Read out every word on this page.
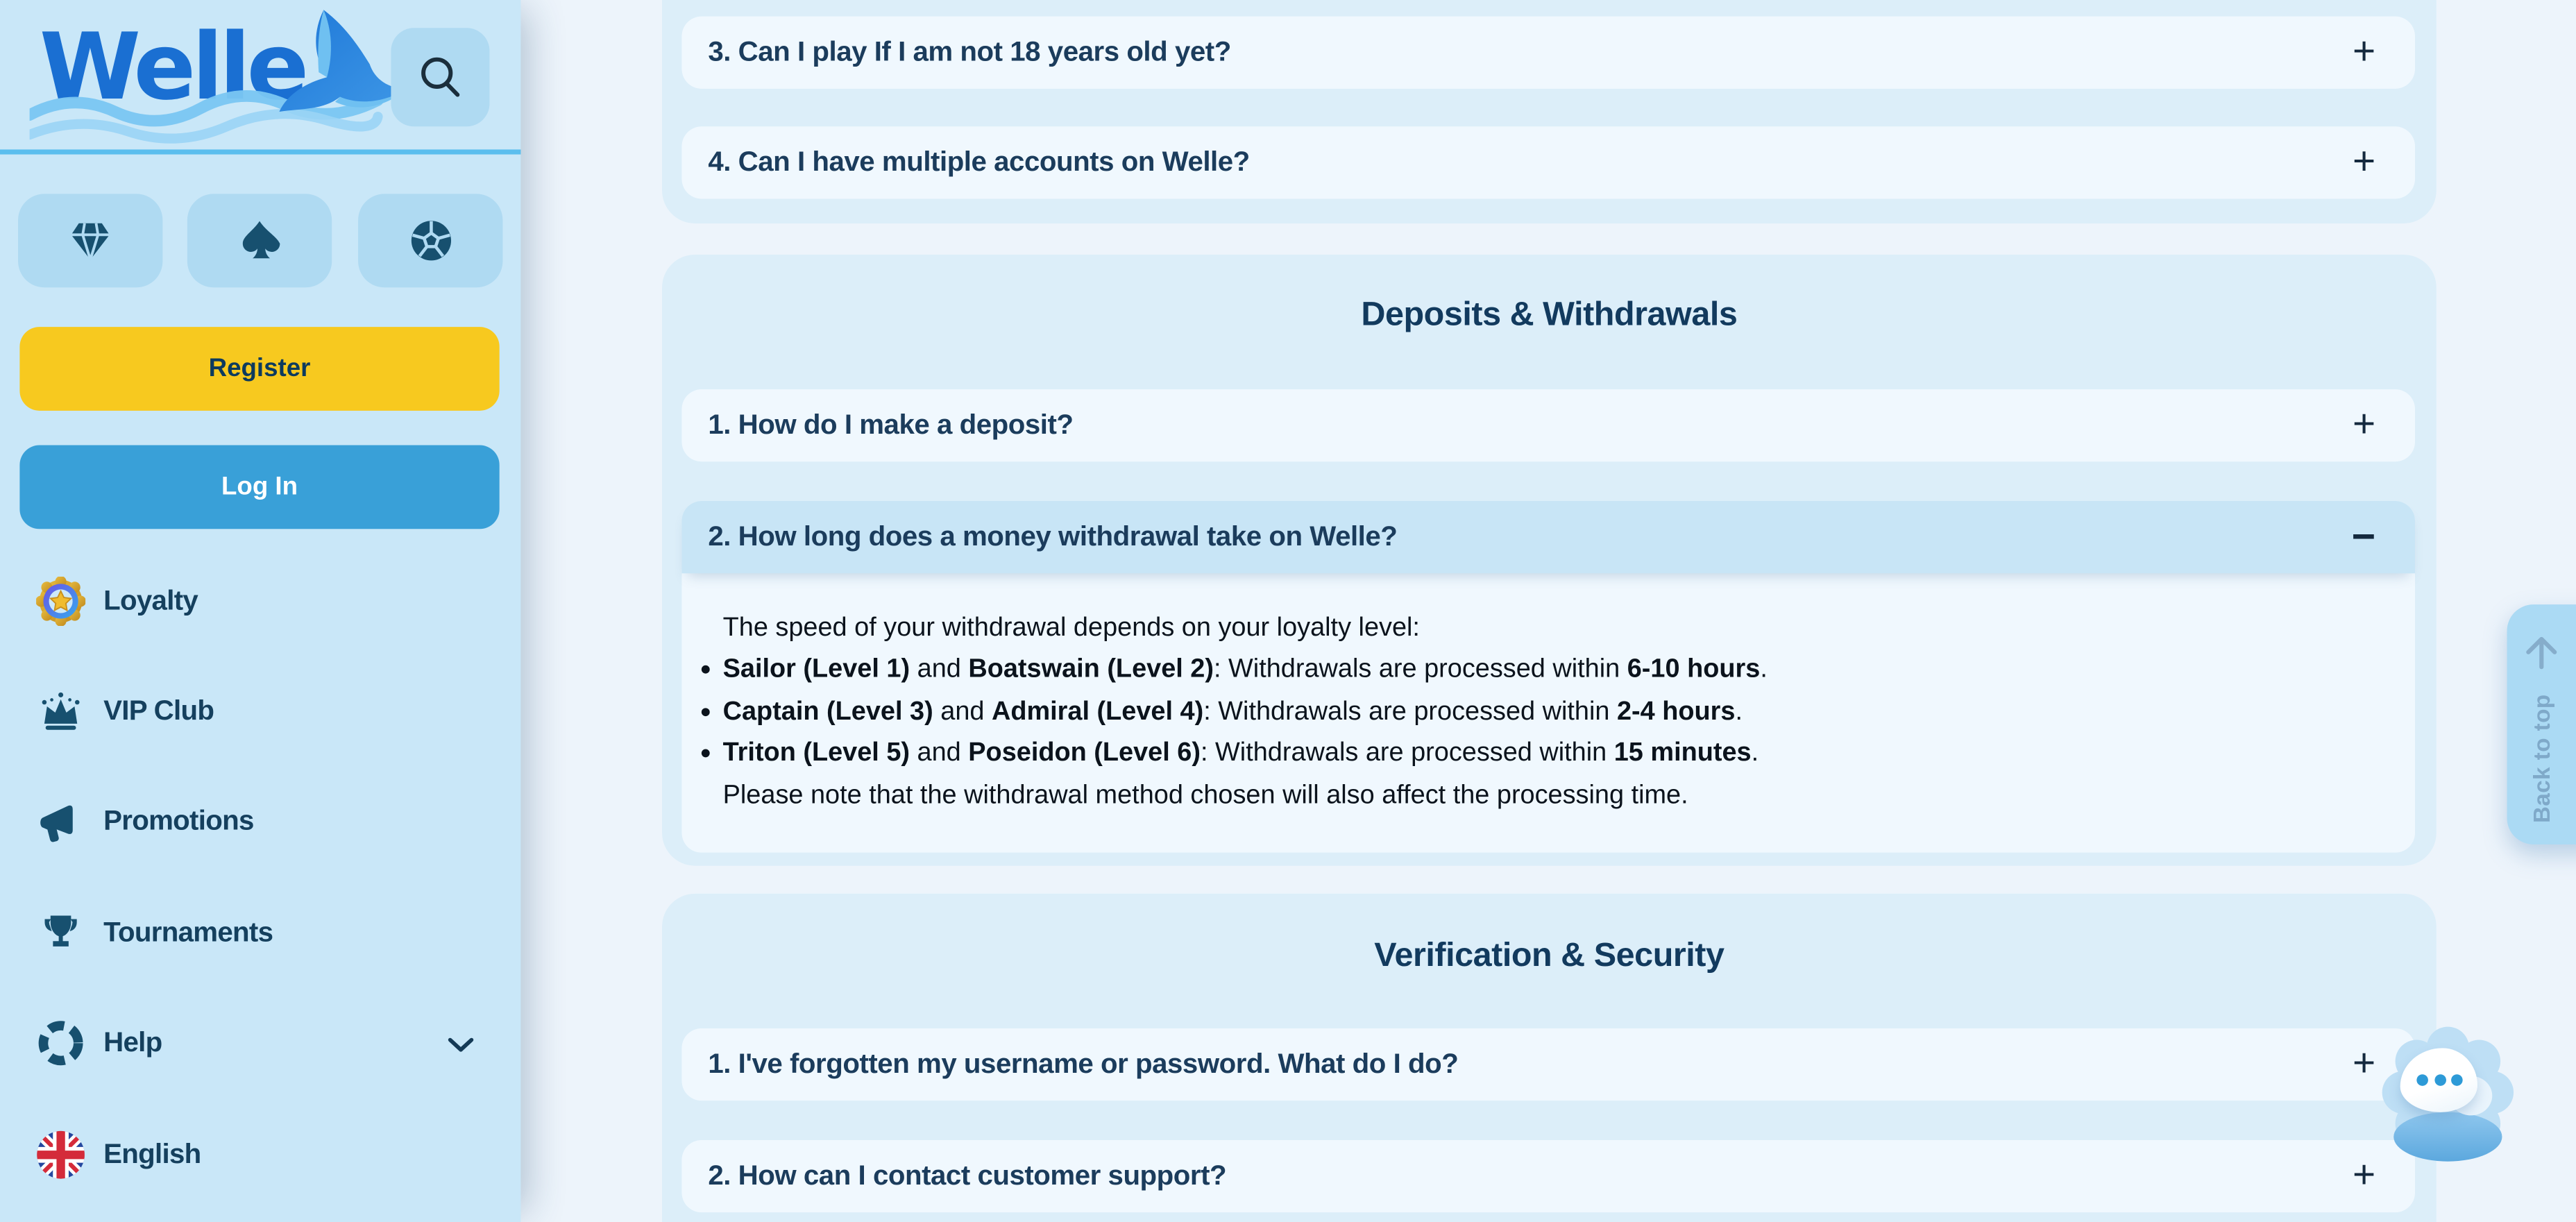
3. Can I play If I am not 18 years old yet?	+
4. Can I have multiple accounts on Welle?	+
Deposits & Withdrawals
1. How do I make a deposit?	+
2. How long does a money withdrawal take on Welle?	−

The speed of your withdrawal depends on your loyalty level:

Sailor (Level 1) and Boatswain (Level 2): Withdrawals are processed within 6-10 hours.
Captain (Level 3) and Admiral (Level 4): Withdrawals are processed within 2-4 hours.
Triton (Level 5) and Poseidon (Level 6): Withdrawals are processed within 15 minutes.

Please note that the withdrawal method chosen will also affect the processing time.

Verification & Security
1. I've forgotten my username or password. What do I do?	+
2. How can I contact customer support?	+
Welle
Register
Log In
Loyalty
VIP Club
Promotions
Tournaments
Help
English
Back to top
